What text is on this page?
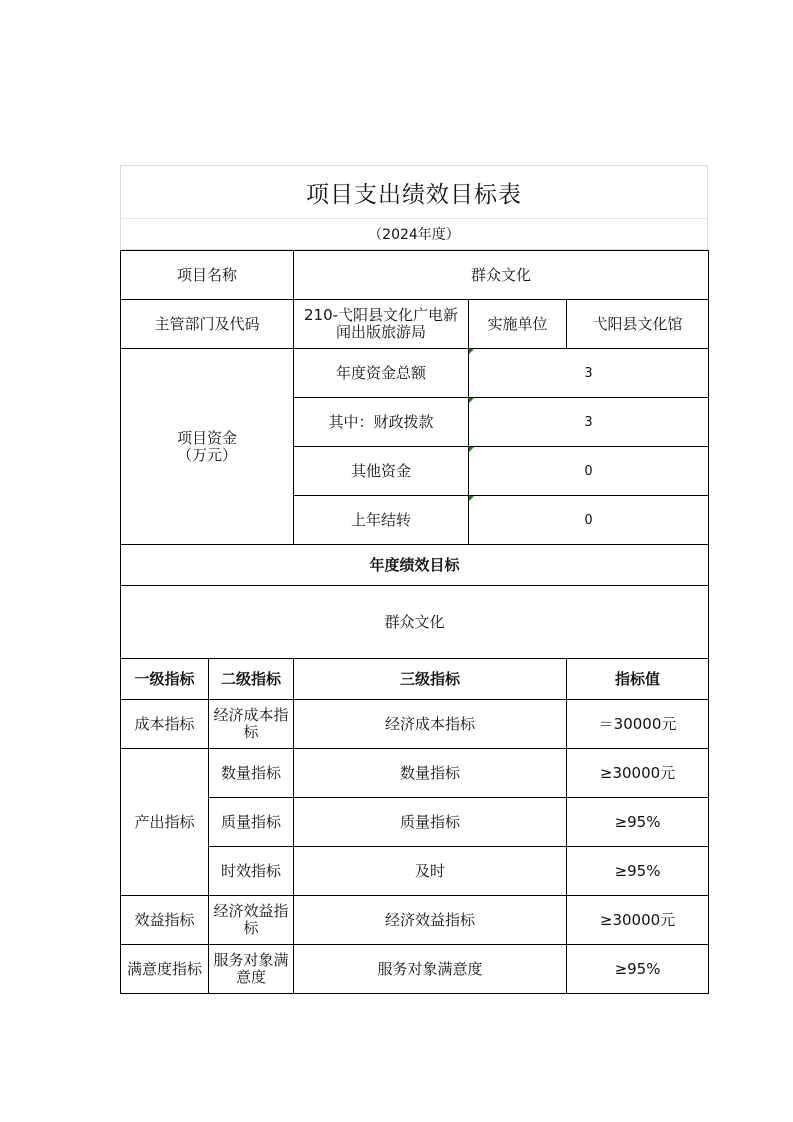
项目支出绩效目标表
（2024年度）
项目名称		群众文化		
主管部门及代码		210-弋阳县文化广电新闻出版旅游局	实施单位	弋阳县文化馆
项目资金
（万元）		年度资金总额	3	
		其中：财政拨款	3	
		其他资金	0	
		上年结转	0	
年度绩效目标				
群众文化				
一级指标	二级指标	三级指标		指标值
成本指标	经济成本指标	经济成本指标		＝30000元
产出指标	数量指标	数量指标		≥30000元
	质量指标	质量指标		≥95%
	时效指标	及时		≥95%
效益指标	经济效益指标	经济效益指标		≥30000元
满意度指标	服务对象满意度	服务对象满意度		≥95%
